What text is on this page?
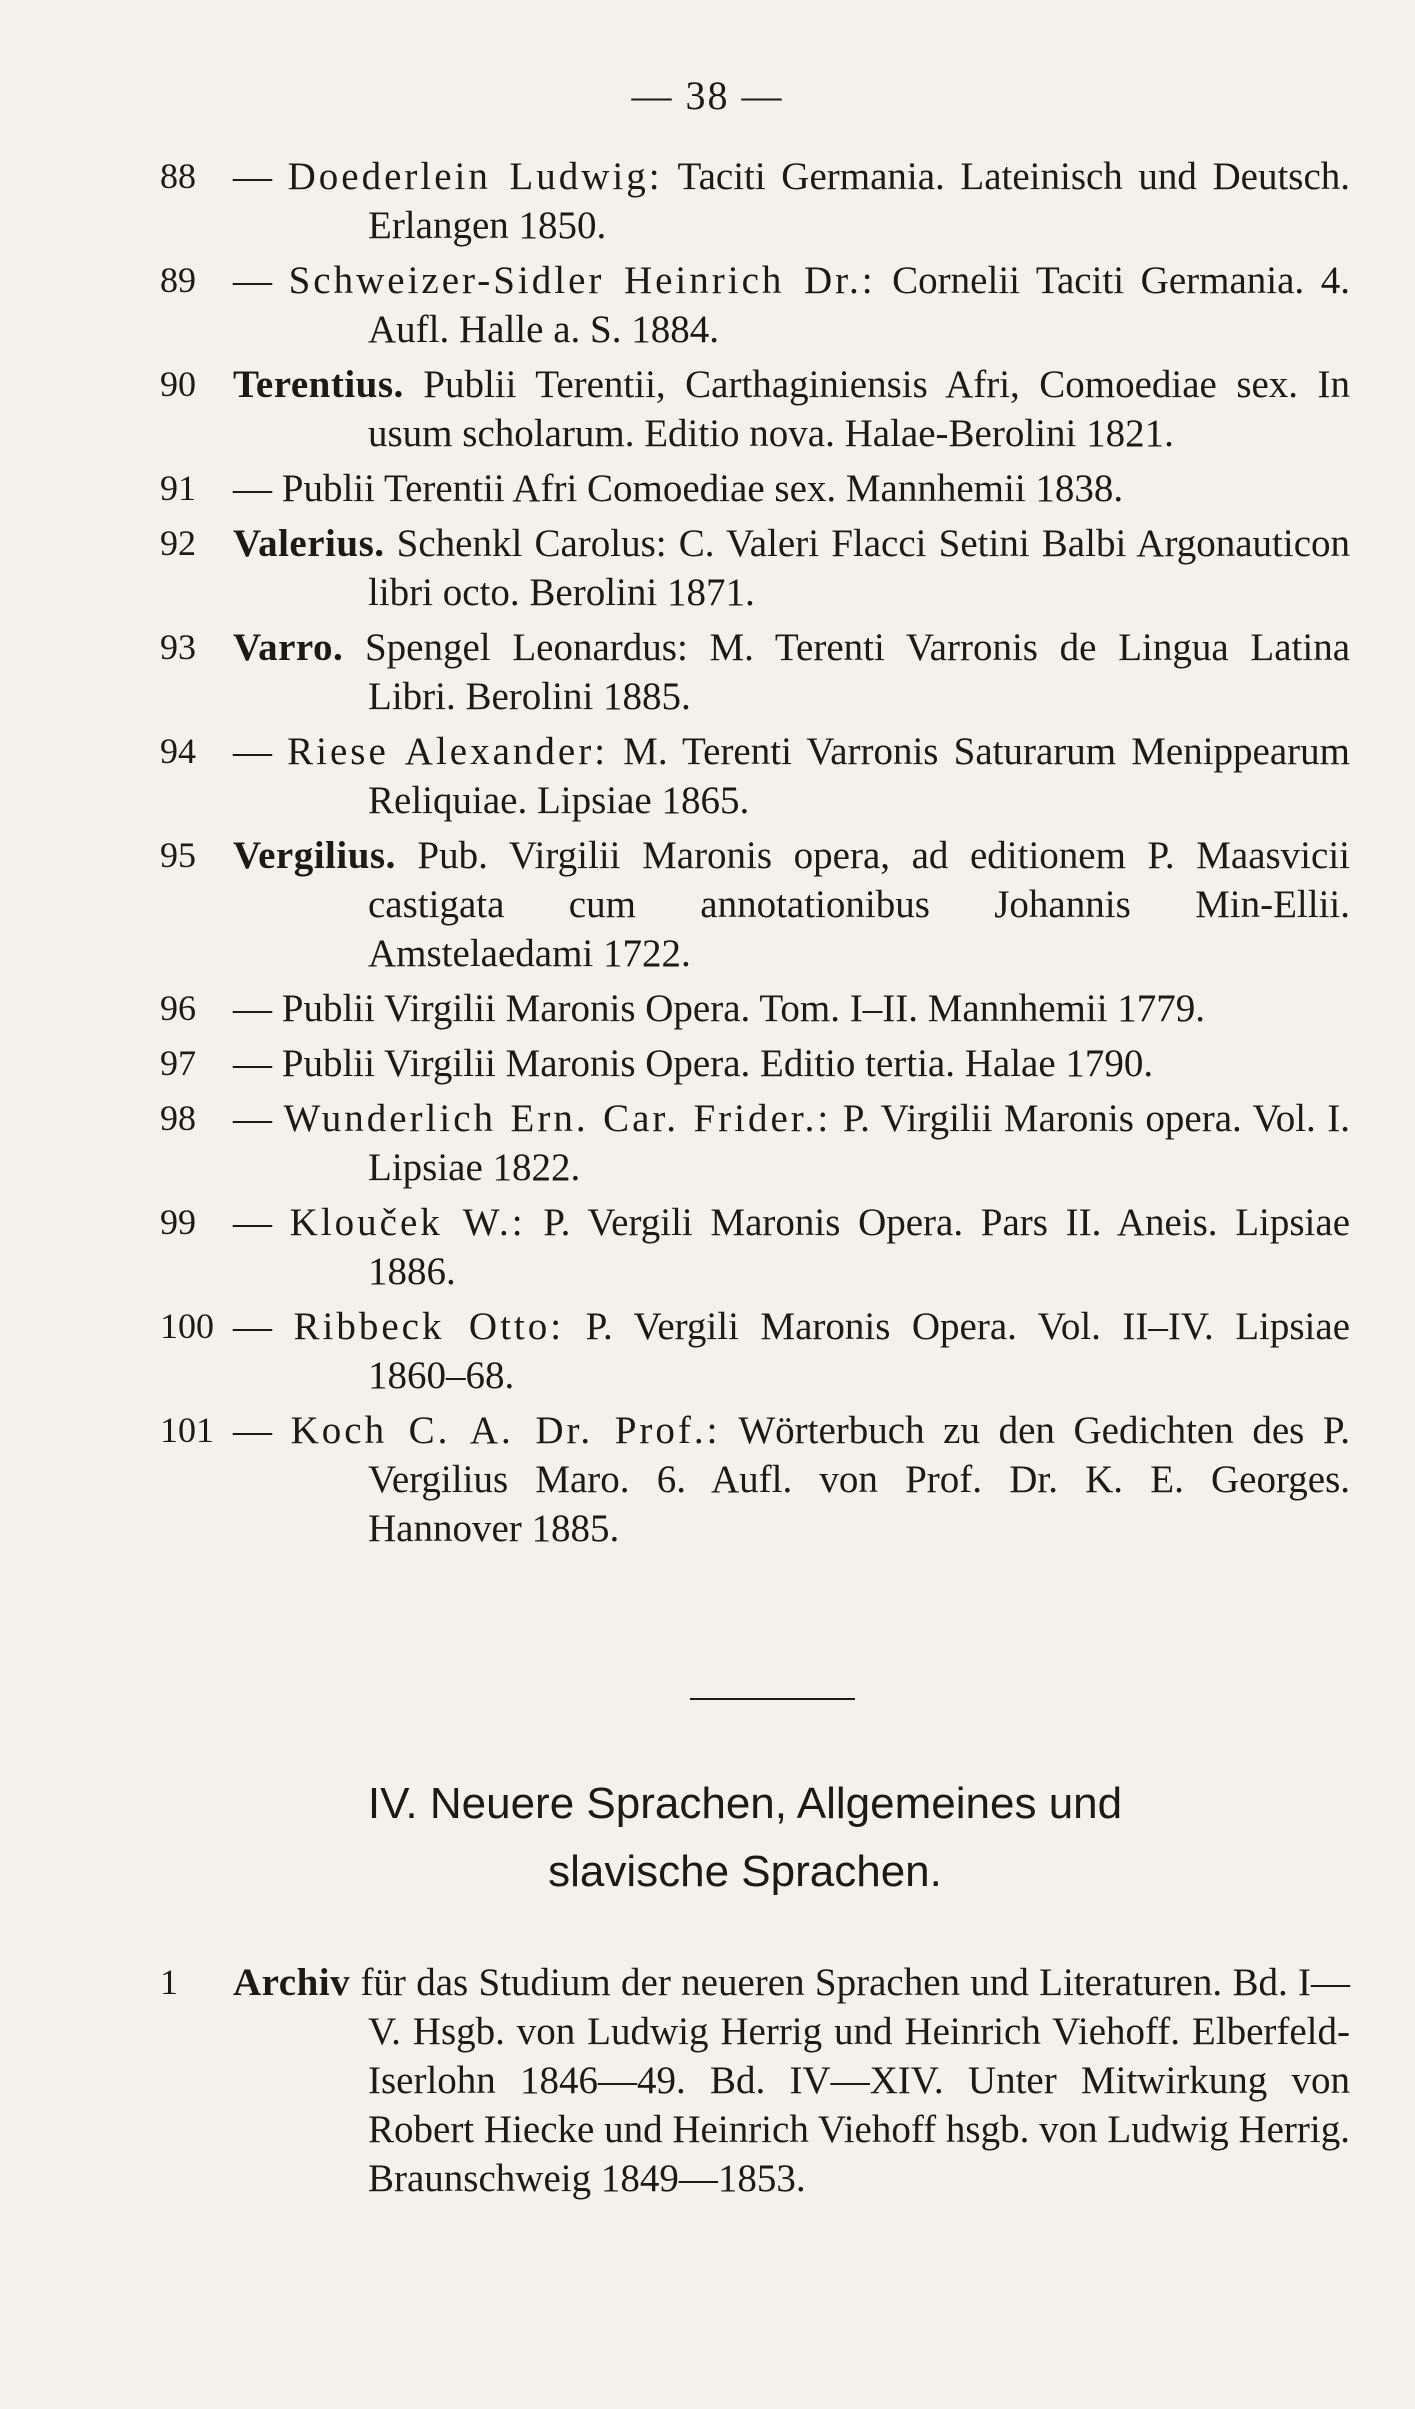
— 38 —
88 — Doederlein Ludwig: Taciti Germania. Lateinisch und Deutsch. Erlangen 1850.
89 — Schweizer-Sidler Heinrich Dr.: Cornelii Taciti Germania. 4. Aufl. Halle a. S. 1884.
90 Terentius. Publii Terentii, Carthaginiensis Afri, Comoediae sex. In usum scholarum. Editio nova. Halae-Berolini 1821.
91 — Publii Terentii Afri Comoediae sex. Mannhemii 1838.
92 Valerius. Schenkl Carolus: C. Valeri Flacci Setini Balbi Argonauticon libri octo. Berolini 1871.
93 Varro. Spengel Leonardus: M. Terenti Varronis de Lingua Latina Libri. Berolini 1885.
94 — Riese Alexander: M. Terenti Varronis Saturarum Menippearum Reliquiae. Lipsiae 1865.
95 Vergilius. Pub. Virgilii Maronis opera, ad editionem P. Maasvicii castigata cum annotationibus Johannis Min-Ellii. Amstelaedami 1722.
96 — Publii Virgilii Maronis Opera. Tom. I–II. Mannhemii 1779.
97 — Publii Virgilii Maronis Opera. Editio tertia. Halae 1790.
98 — Wunderlich Ern. Car. Frider.: P. Virgilii Maronis opera. Vol. I. Lipsiae 1822.
99 — Klouček W.: P. Vergili Maronis Opera. Pars II. Aneis. Lipsiae 1886.
100 — Ribbeck Otto: P. Vergili Maronis Opera. Vol. II–IV. Lipsiae 1860–68.
101 — Koch C. A. Dr. Prof.: Wörterbuch zu den Gedichten des P. Vergilius Maro. 6. Aufl. von Prof. Dr. K. E. Georges. Hannover 1885.
IV. Neuere Sprachen, Allgemeines und
slavische Sprachen.
1	Archiv für das Studium der neueren Sprachen und Literaturen. Bd. I—V. Hsgb. von Ludwig Herrig und Heinrich Viehoff. Elberfeld-Iserlohn 1846—49. Bd. IV—XIV. Unter Mitwirkung von Robert Hiecke und Heinrich Viehoff hsgb. von Ludwig Herrig. Braunschweig 1849—1853.
